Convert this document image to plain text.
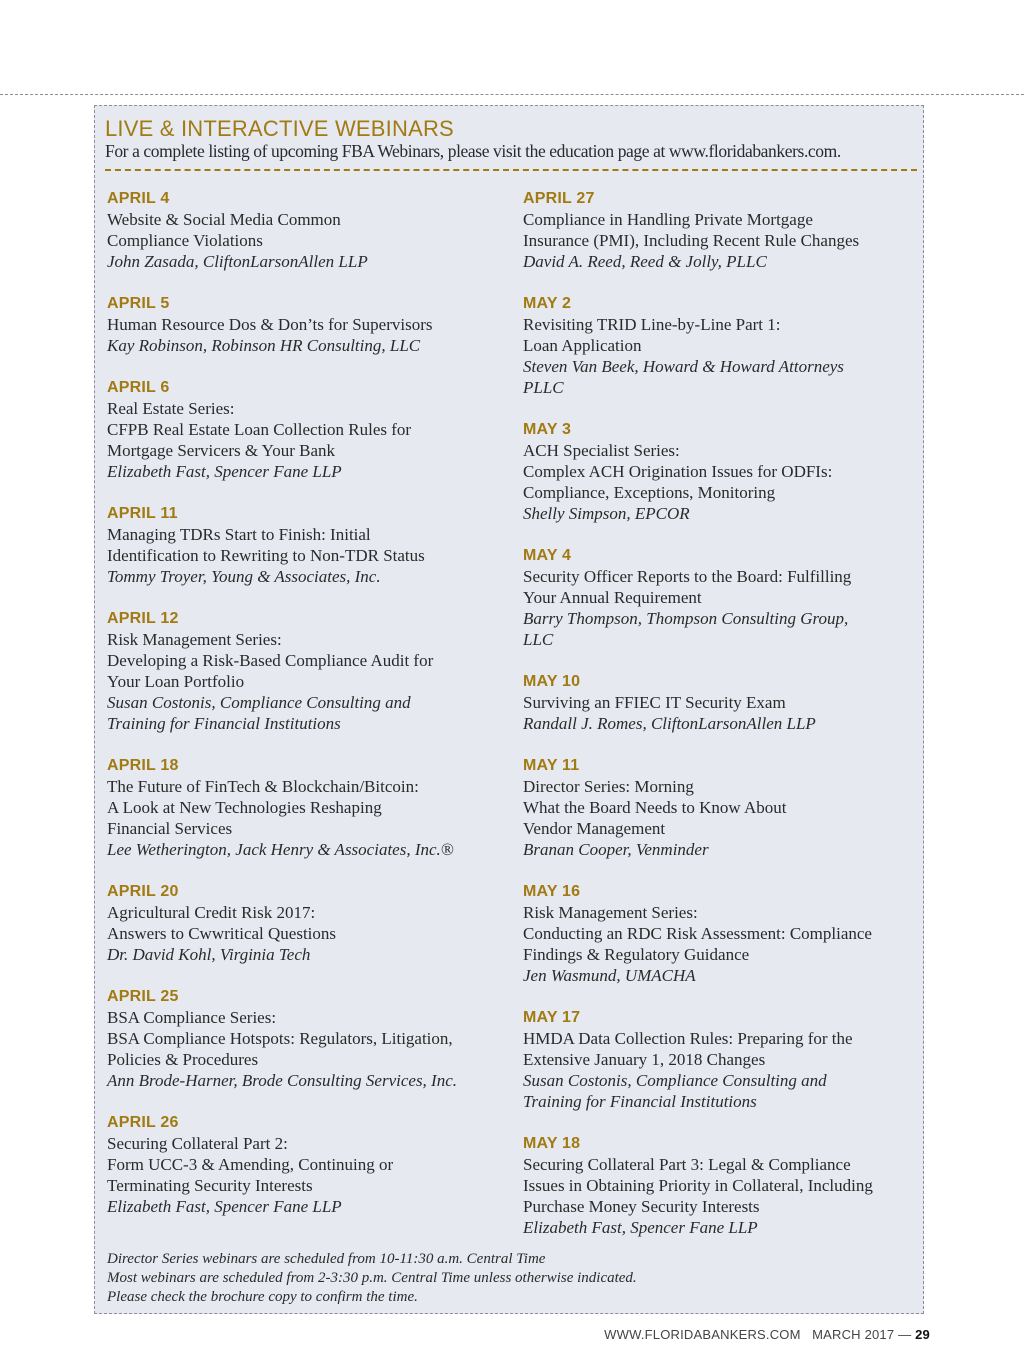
LIVE & INTERACTIVE WEBINARS
For a complete listing of upcoming FBA Webinars, please visit the education page at www.floridabankers.com.
APRIL 4
Website & Social Media Common
Compliance Violations
John Zasada, CliftonLarsonAllen LLP
APRIL 5
Human Resource Dos & Don’ts for Supervisors
Kay Robinson, Robinson HR Consulting, LLC
APRIL 6
Real Estate Series:
CFPB Real Estate Loan Collection Rules for
Mortgage Servicers & Your Bank
Elizabeth Fast, Spencer Fane LLP
APRIL 11
Managing TDRs Start to Finish: Initial
Identification to Rewriting to Non-TDR Status
Tommy Troyer, Young & Associates, Inc.
APRIL 12
Risk Management Series:
Developing a Risk-Based Compliance Audit for
Your Loan Portfolio
Susan Costonis, Compliance Consulting and
Training for Financial Institutions
APRIL 18
The Future of FinTech & Blockchain/Bitcoin:
A Look at New Technologies Reshaping
Financial Services
Lee Wetherington, Jack Henry & Associates, Inc.®
APRIL 20
Agricultural Credit Risk 2017:
Answers to Cwwritical Questions
Dr. David Kohl, Virginia Tech
APRIL 25
BSA Compliance Series:
BSA Compliance Hotspots: Regulators, Litigation,
Policies & Procedures
Ann Brode-Harner, Brode Consulting Services, Inc.
APRIL 26
Securing Collateral Part 2:
Form UCC-3 & Amending, Continuing or
Terminating Security Interests
Elizabeth Fast, Spencer Fane LLP
APRIL 27
Compliance in Handling Private Mortgage
Insurance (PMI), Including Recent Rule Changes
David A. Reed, Reed & Jolly, PLLC
MAY 2
Revisiting TRID Line-by-Line Part 1:
Loan Application
Steven Van Beek, Howard & Howard Attorneys
PLLC
MAY 3
ACH Specialist Series:
Complex ACH Origination Issues for ODFIs:
Compliance, Exceptions, Monitoring
Shelly Simpson, EPCOR
MAY 4
Security Officer Reports to the Board: Fulfilling
Your Annual Requirement
Barry Thompson, Thompson Consulting Group,
LLC
MAY 10
Surviving an FFIEC IT Security Exam
Randall J. Romes, CliftonLarsonAllen LLP
MAY 11
Director Series: Morning
What the Board Needs to Know About
Vendor Management
Branan Cooper, Venminder
MAY 16
Risk Management Series:
Conducting an RDC Risk Assessment: Compliance
Findings & Regulatory Guidance
Jen Wasmund, UMACHA
MAY 17
HMDA Data Collection Rules: Preparing for the
Extensive January 1, 2018 Changes
Susan Costonis, Compliance Consulting and
Training for Financial Institutions
MAY 18
Securing Collateral Part 3: Legal & Compliance
Issues in Obtaining Priority in Collateral, Including
Purchase Money Security Interests
Elizabeth Fast, Spencer Fane LLP
Director Series webinars are scheduled from 10-11:30 a.m. Central Time
Most webinars are scheduled from 2-3:30 p.m. Central Time unless otherwise indicated.
Please check the brochure copy to confirm the time.
WWW.FLORIDABANKERS.COM MARCH 2017 — 29
